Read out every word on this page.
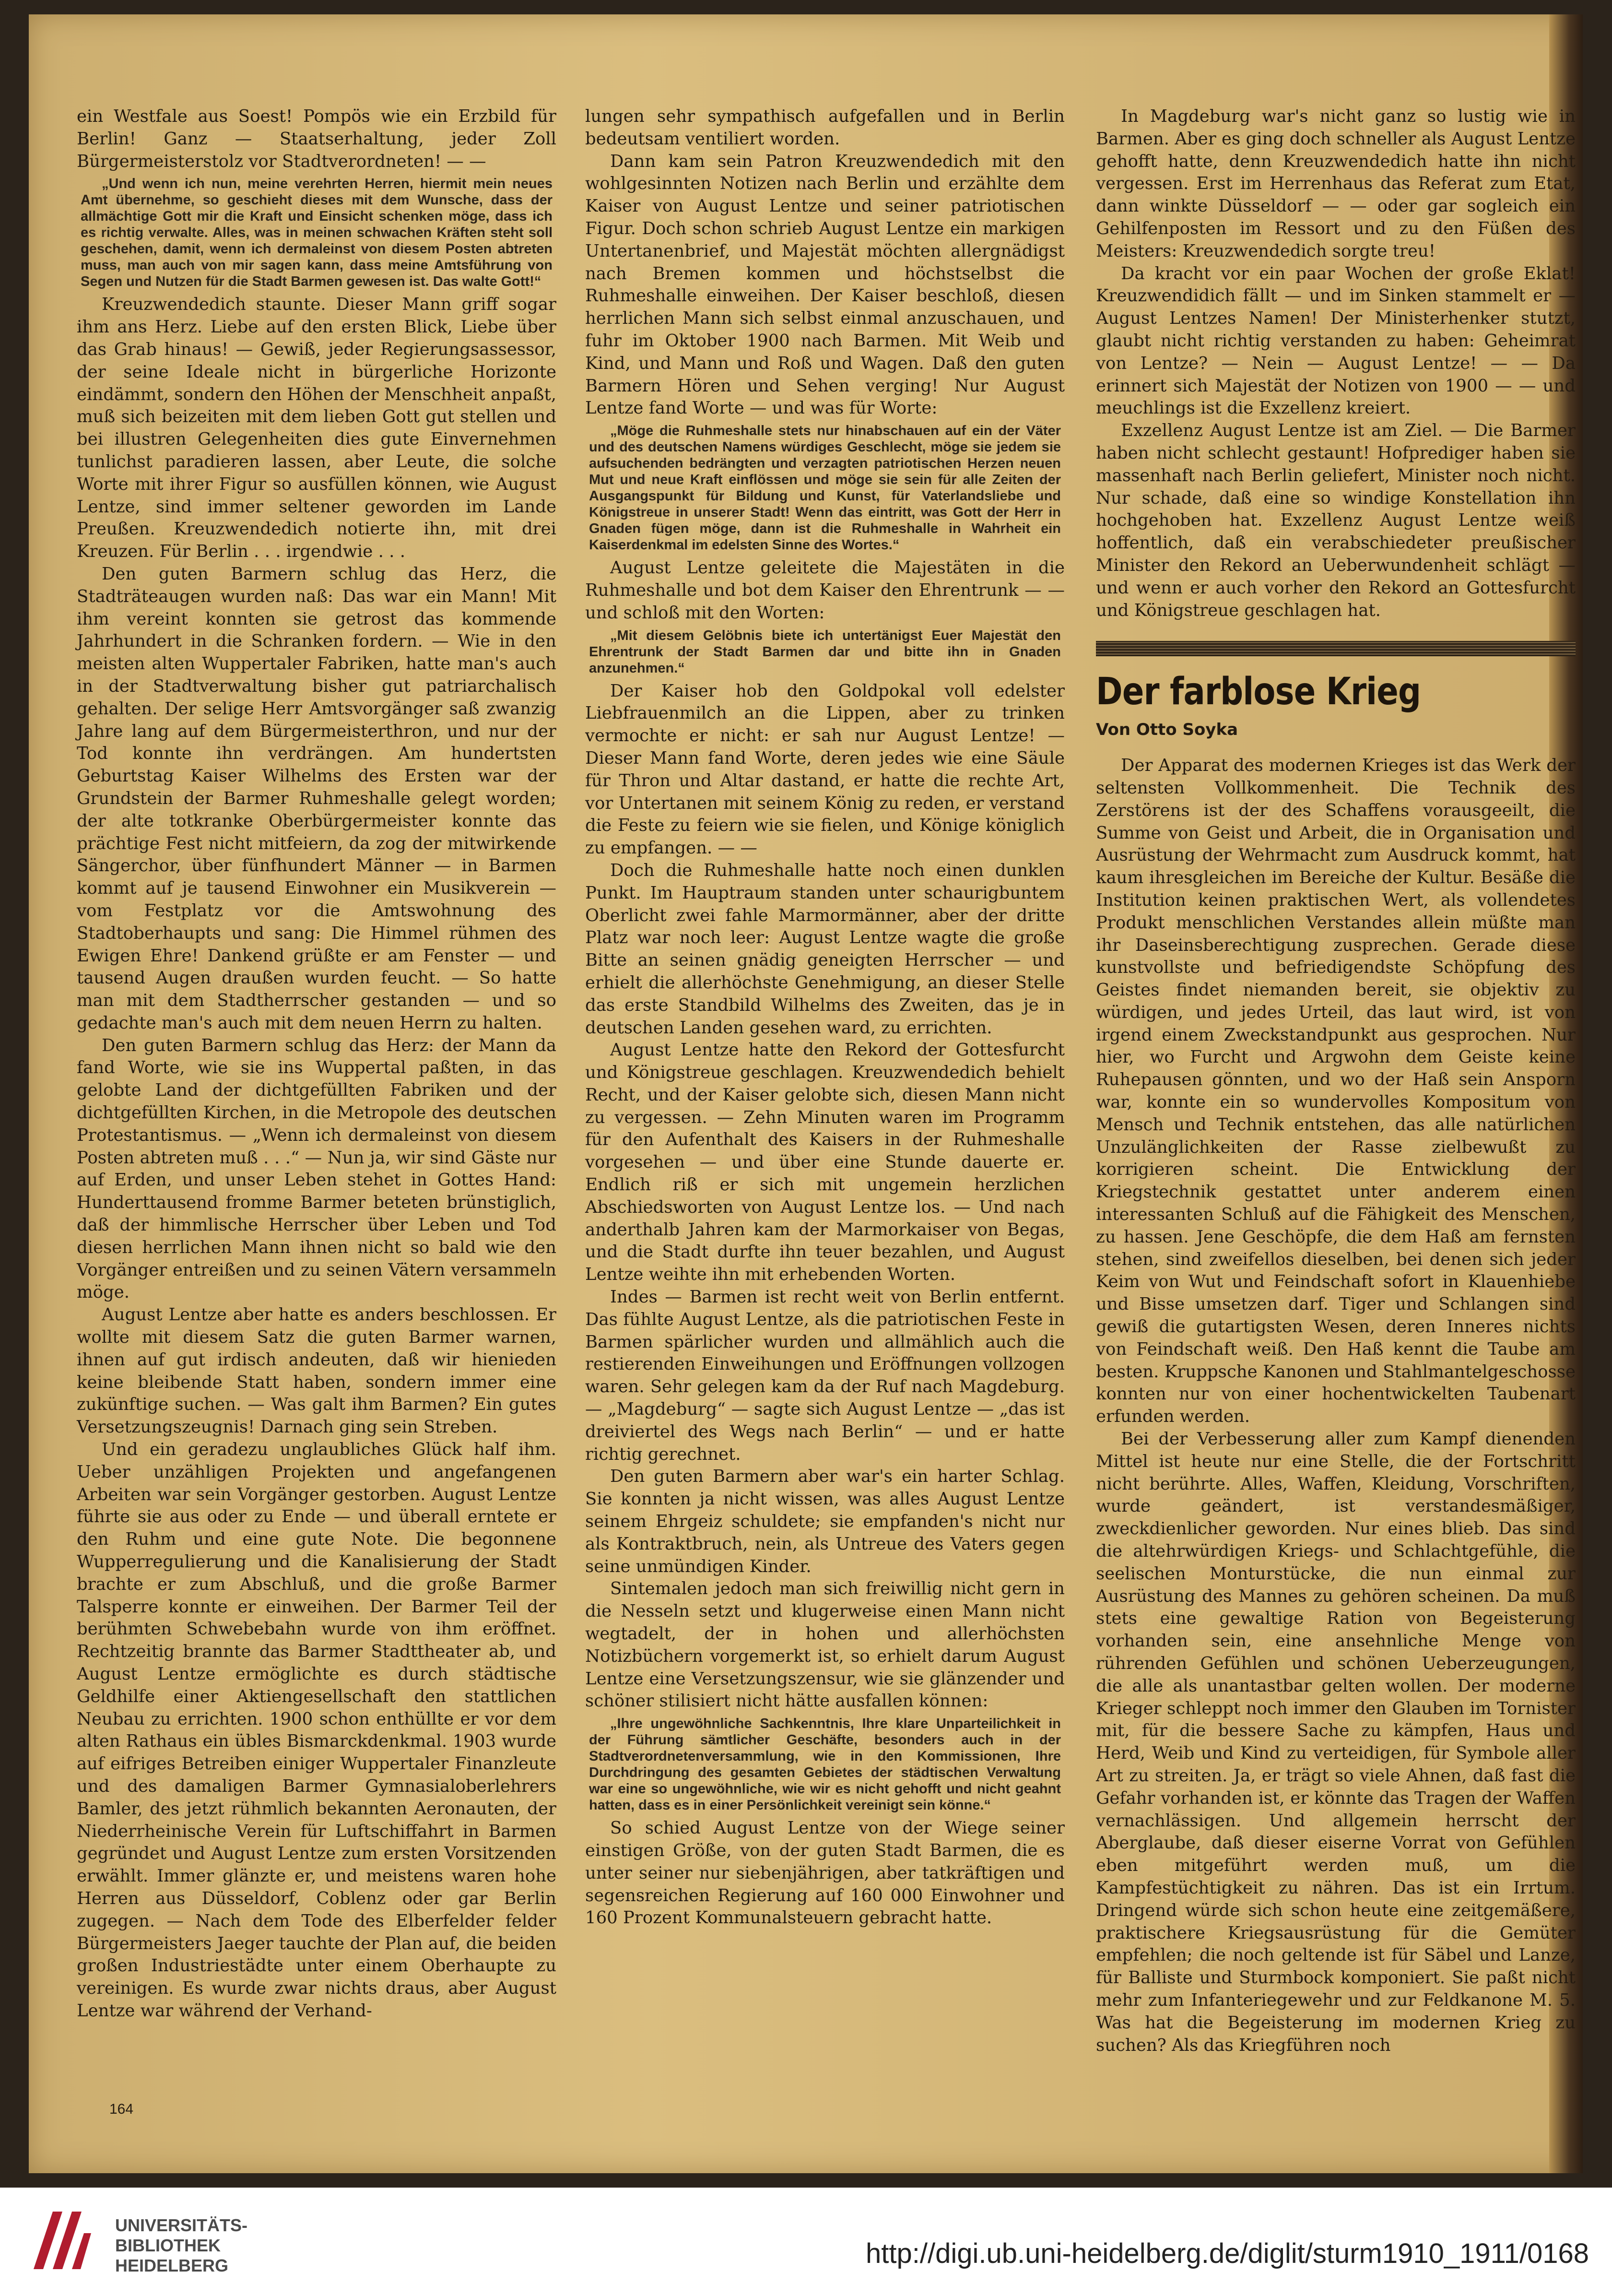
ein Westfale aus Soest! Pompös wie ein Erzbild für Berlin! Ganz — Staatserhaltung, jeder Zoll Bürgermeisterstolz vor Stadtverordneten! — —

„Und wenn ich nun, meine verehrten Herren, hiermit mein neues Amt übernehme, so geschieht dieses mit dem Wunsche, dass der allmächtige Gott mir die Kraft und Einsicht schenken möge, dass ich es richtig verwalte. Alles, was in meinen schwachen Kräften steht soll geschehen, damit, wenn ich dermaleinst von diesem Posten abtreten muss, man auch von mir sagen kann, dass meine Amtsführung von Segen und Nutzen für die Stadt Barmen gewesen ist. Das walte Gott!“

Kreuzwendedich staunte. Dieser Mann griff sogar ihm ans Herz. Liebe auf den ersten Blick, Liebe über das Grab hinaus! — Gewiß, jeder Regierungsassessor, der seine Ideale nicht in bürgerliche Horizonte eindämmt, sondern den Höhen der Menschheit anpaßt, muß sich beizeiten mit dem lieben Gott gut stellen und bei illustren Gelegenheiten dies gute Einvernehmen tunlichst paradieren lassen, aber Leute, die solche Worte mit ihrer Figur so ausfüllen können, wie August Lentze, sind immer seltener geworden im Lande Preußen. Kreuzwendedich notierte ihn, mit drei Kreuzen. Für Berlin . . . irgendwie . . .

Den guten Barmern schlug das Herz, die Stadträteaugen wurden naß: Das war ein Mann! Mit ihm vereint konnten sie getrost das kommende Jahrhundert in die Schranken fordern. — Wie in den meisten alten Wuppertaler Fabriken, hatte man's auch in der Stadtverwaltung bisher gut patriarchalisch gehalten. Der selige Herr Amtsvorgänger saß zwanzig Jahre lang auf dem Bürgermeisterthron, und nur der Tod konnte ihn verdrängen. Am hundertsten Geburtstag Kaiser Wilhelms des Ersten war der Grundstein der Barmer Ruhmeshalle gelegt worden; der alte totkranke Oberbürgermeister konnte das prächtige Fest nicht mitfeiern, da zog der mitwirkende Sängerchor, über fünfhundert Männer — in Barmen kommt auf je tausend Einwohner ein Musikverein — vom Festplatz vor die Amtswohnung des Stadtoberhaupts und sang: Die Himmel rühmen des Ewigen Ehre! Dankend grüßte er am Fenster — und tausend Augen draußen wurden feucht. — So hatte man mit dem Stadtherrscher gestanden — und so gedachte man's auch mit dem neuen Herrn zu halten.

Den guten Barmern schlug das Herz: der Mann da fand Worte, wie sie ins Wuppertal paßten, in das gelobte Land der dichtgefüllten Fabriken und der dichtgefüllten Kirchen, in die Metropole des deutschen Protestantismus. — „Wenn ich dermaleinst von diesem Posten abtreten muß . . .“ — Nun ja, wir sind Gäste nur auf Erden, und unser Leben stehet in Gottes Hand: Hunderttausend fromme Barmer beteten brünstiglich, daß der himmlische Herrscher über Leben und Tod diesen herrlichen Mann ihnen nicht so bald wie den Vorgänger entreißen und zu seinen Vätern versammeln möge.

August Lentze aber hatte es anders beschlossen. Er wollte mit diesem Satz die guten Barmer warnen, ihnen auf gut irdisch andeuten, daß wir hienieden keine bleibende Statt haben, sondern immer eine zukünftige suchen. — Was galt ihm Barmen? Ein gutes Versetzungszeugnis! Darnach ging sein Streben.

Und ein geradezu unglaubliches Glück half ihm. Ueber unzähligen Projekten und angefangenen Arbeiten war sein Vorgänger gestorben. August Lentze führte sie aus oder zu Ende — und überall erntete er den Ruhm und eine gute Note. Die begonnene Wupperregulierung und die Kanalisierung der Stadt brachte er zum Abschluß, und die große Barmer Talsperre konnte er einweihen. Der Barmer Teil der berühmten Schwebebahn wurde von ihm eröffnet. Rechtzeitig brannte das Barmer Stadttheater ab, und August Lentze ermöglichte es durch städtische Geldhilfe einer Aktiengesellschaft den stattlichen Neubau zu errichten. 1900 schon enthüllte er vor dem alten Rathaus ein übles Bismarckdenkmal. 1903 wurde auf eifriges Betreiben einiger Wuppertaler Finanzleute und des damaligen Barmer Gymnasialoberlehrers Bamler, des jetzt rühmlich bekannten Aeronauten, der Niederrheinische Verein für Luftschiffahrt in Barmen gegründet und August Lentze zum ersten Vorsitzenden erwählt. Immer glänzte er, und meistens waren hohe Herren aus Düsseldorf, Coblenz oder gar Berlin zugegen. — Nach dem Tode des Elberfelder felder Bürgermeisters Jaeger tauchte der Plan auf, die beiden großen Industriestädte unter einem Oberhaupte zu vereinigen. Es wurde zwar nichts draus, aber August Lentze war während der Verhand-

lungen sehr sympathisch aufgefallen und in Berlin bedeutsam ventiliert worden.

Dann kam sein Patron Kreuzwendedich mit den wohlgesinnten Notizen nach Berlin und erzählte dem Kaiser von August Lentze und seiner patriotischen Figur. Doch schon schrieb August Lentze ein markigen Untertanenbrief, und Majestät möchten allergnädigst nach Bremen kommen und höchstselbst die Ruhmeshalle einweihen. Der Kaiser beschloß, diesen herrlichen Mann sich selbst einmal anzuschauen, und fuhr im Oktober 1900 nach Barmen. Mit Weib und Kind, und Mann und Roß und Wagen. Daß den guten Barmern Hören und Sehen verging! Nur August Lentze fand Worte — und was für Worte:

„Möge die Ruhmeshalle stets nur hinabschauen auf ein der Väter und des deutschen Namens würdiges Geschlecht, möge sie jedem sie aufsuchenden bedrängten und verzagten patriotischen Herzen neuen Mut und neue Kraft einflössen und möge sie sein für alle Zeiten der Ausgangspunkt für Bildung und Kunst, für Vaterlandsliebe und Königstreue in unserer Stadt! Wenn das eintritt, was Gott der Herr in Gnaden fügen möge, dann ist die Ruhmeshalle in Wahrheit ein Kaiserdenkmal im edelsten Sinne des Wortes.“

August Lentze geleitete die Majestäten in die Ruhmeshalle und bot dem Kaiser den Ehrentrunk — — und schloß mit den Worten:

„Mit diesem Gelöbnis biete ich untertänigst Euer Majestät den Ehrentrunk der Stadt Barmen dar und bitte ihn in Gnaden anzunehmen.“

Der Kaiser hob den Goldpokal voll edelster Liebfrauenmilch an die Lippen, aber zu trinken vermochte er nicht: er sah nur August Lentze! — Dieser Mann fand Worte, deren jedes wie eine Säule für Thron und Altar dastand, er hatte die rechte Art, vor Untertanen mit seinem König zu reden, er verstand die Feste zu feiern wie sie fielen, und Könige königlich zu empfangen. — —

Doch die Ruhmeshalle hatte noch einen dunklen Punkt. Im Hauptraum standen unter schaurigbuntem Oberlicht zwei fahle Marmormänner, aber der dritte Platz war noch leer: August Lentze wagte die große Bitte an seinen gnädig geneigten Herrscher — und erhielt die allerhöchste Genehmigung, an dieser Stelle das erste Standbild Wilhelms des Zweiten, das je in deutschen Landen gesehen ward, zu errichten.

August Lentze hatte den Rekord der Gottesfurcht und Königstreue geschlagen. Kreuzwendedich behielt Recht, und der Kaiser gelobte sich, diesen Mann nicht zu vergessen. — Zehn Minuten waren im Programm für den Aufenthalt des Kaisers in der Ruhmeshalle vorgesehen — und über eine Stunde dauerte er. Endlich riß er sich mit ungemein herzlichen Abschiedsworten von August Lentze los. — Und nach anderthalb Jahren kam der Marmorkaiser von Begas, und die Stadt durfte ihn teuer bezahlen, und August Lentze weihte ihn mit erhebenden Worten.

Indes — Barmen ist recht weit von Berlin entfernt. Das fühlte August Lentze, als die patriotischen Feste in Barmen spärlicher wurden und allmählich auch die restierenden Einweihungen und Eröffnungen vollzogen waren. Sehr gelegen kam da der Ruf nach Magdeburg. — „Magdeburg“ — sagte sich August Lentze — „das ist dreiviertel des Wegs nach Berlin“ — und er hatte richtig gerechnet.

Den guten Barmern aber war's ein harter Schlag. Sie konnten ja nicht wissen, was alles August Lentze seinem Ehrgeiz schuldete; sie empfanden's nicht nur als Kontraktbruch, nein, als Untreue des Vaters gegen seine unmündigen Kinder.

Sintemalen jedoch man sich freiwillig nicht gern in die Nesseln setzt und klugerweise einen Mann nicht wegtadelt, der in hohen und allerhöchsten Notizbüchern vorgemerkt ist, so erhielt darum August Lentze eine Versetzungszensur, wie sie glänzender und schöner stilisiert nicht hätte ausfallen können:

„Ihre ungewöhnliche Sachkenntnis, Ihre klare Unparteilichkeit in der Führung sämtlicher Geschäfte, besonders auch in der Stadtverordnetenversammlung, wie in den Kommissionen, Ihre Durchdringung des gesamten Gebietes der städtischen Verwaltung war eine so ungewöhnliche, wie wir es nicht gehofft und nicht geahnt hatten, dass es in einer Persönlichkeit vereinigt sein könne.“

So schied August Lentze von der Wiege seiner einstigen Größe, von der guten Stadt Barmen, die es unter seiner nur siebenjährigen, aber tatkräftigen und segensreichen Regierung auf 160 000 Einwohner und 160 Prozent Kommunalsteuern gebracht hatte.

In Magdeburg war's nicht ganz so lustig wie in Barmen. Aber es ging doch schneller als August Lentze gehofft hatte, denn Kreuzwendedich hatte ihn nicht vergessen. Erst im Herrenhaus das Referat zum Etat, dann winkte Düsseldorf — — oder gar sogleich ein Gehilfenposten im Ressort und zu den Füßen des Meisters: Kreuzwendedich sorgte treu!

Da kracht vor ein paar Wochen der große Eklat! Kreuzwendidich fällt — und im Sinken stammelt er — August Lentzes Namen! Der Ministerhenker stutzt, glaubt nicht richtig verstanden zu haben: Geheimrat von Lentze? — Nein — August Lentze! — — Da erinnert sich Majestät der Notizen von 1900 — — und meuchlings ist die Exzellenz kreiert.

Exzellenz August Lentze ist am Ziel. — Die Barmer haben nicht schlecht gestaunt! Hofprediger haben sie massenhaft nach Berlin geliefert, Minister noch nicht. Nur schade, daß eine so windige Konstellation ihn hochgehoben hat. Exzellenz August Lentze weiß hoffentlich, daß ein verabschiedeter preußischer Minister den Rekord an Ueberwundenheit schlägt — und wenn er auch vorher den Rekord an Gottesfurcht und Königstreue geschlagen hat.

Der farblose Krieg
Von Otto Soyka

Der Apparat des modernen Krieges ist das Werk der seltensten Vollkommenheit. Die Technik des Zerstörens ist der des Schaffens vorausgeeilt, die Summe von Geist und Arbeit, die in Organisation und Ausrüstung der Wehrmacht zum Ausdruck kommt, hat kaum ihresgleichen im Bereiche der Kultur. Besäße die Institution keinen praktischen Wert, als vollendetes Produkt menschlichen Verstandes allein müßte man ihr Daseinsberechtigung zusprechen. Gerade diese kunstvollste und befriedigendste Schöpfung des Geistes findet niemanden bereit, sie objektiv zu würdigen, und jedes Urteil, das laut wird, ist von irgend einem Zweckstandpunkt aus gesprochen. Nur hier, wo Furcht und Argwohn dem Geiste keine Ruhepausen gönnten, und wo der Haß sein Ansporn war, konnte ein so wundervolles Kompositum von Mensch und Technik entstehen, das alle natürlichen Unzulänglichkeiten der Rasse zielbewußt zu korrigieren scheint. Die Entwicklung der Kriegstechnik gestattet unter anderem einen interessanten Schluß auf die Fähigkeit des Menschen, zu hassen. Jene Geschöpfe, die dem Haß am fernsten stehen, sind zweifellos dieselben, bei denen sich jeder Keim von Wut und Feindschaft sofort in Klauenhiebe und Bisse umsetzen darf. Tiger und Schlangen sind gewiß die gutartigsten Wesen, deren Inneres nichts von Feindschaft weiß. Den Haß kennt die Taube am besten. Kruppsche Kanonen und Stahlmantelgeschosse konnten nur von einer hochentwickelten Taubenart erfunden werden.

Bei der Verbesserung aller zum Kampf dienenden Mittel ist heute nur eine Stelle, die der Fortschritt nicht berührte. Alles, Waffen, Kleidung, Vorschriften, wurde geändert, ist verstandesmäßiger, zweckdienlicher geworden. Nur eines blieb. Das sind die altehrwürdigen Kriegs- und Schlachtgefühle, die seelischen Monturstücke, die nun einmal zur Ausrüstung des Mannes zu gehören scheinen. Da muß stets eine gewaltige Ration von Begeisterung vorhanden sein, eine ansehnliche Menge von rührenden Gefühlen und schönen Ueberzeugungen, die alle als unantastbar gelten wollen. Der moderne Krieger schleppt noch immer den Glauben im Tornister mit, für die bessere Sache zu kämpfen, Haus und Herd, Weib und Kind zu verteidigen, für Symbole aller Art zu streiten. Ja, er trägt so viele Ahnen, daß fast die Gefahr vorhanden ist, er könnte das Tragen der Waffen vernachlässigen. Und allgemein herrscht der Aberglaube, daß dieser eiserne Vorrat von Gefühlen eben mitgeführt werden muß, um die Kampfestüchtigkeit zu nähren. Das ist ein Irrtum. Dringend würde sich schon heute eine zeitgemäßere, praktischere Kriegsausrüstung für die Gemüter empfehlen; die noch geltende ist für Säbel und Lanze, für Balliste und Sturmbock komponiert. Sie paßt nicht mehr zum Infanteriegewehr und zur Feldkanone M. 5. Was hat die Begeisterung im modernen Krieg zu suchen? Als das Kriegführen noch

164
UNIVERSITÄTS-
BIBLIOTHEK
HEIDELBERG	http://digi.ub.uni-heidelberg.de/diglit/sturm1910_1911/0168
